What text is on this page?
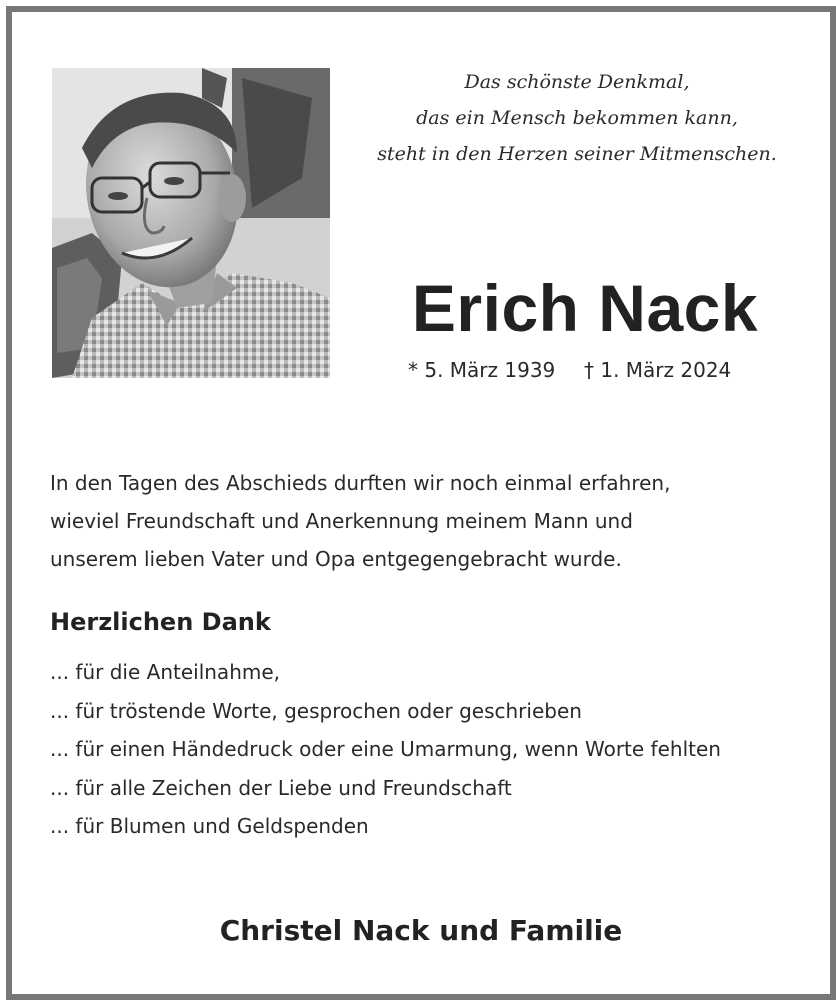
Das schönste Denkmal,
das ein Mensch bekommen kann,
steht in den Herzen seiner Mitmenschen.
Erich Nack
* 5. März 1939 † 1. März 2024
In den Tagen des Abschieds durften wir noch einmal erfahren,
wieviel Freundschaft und Anerkennung meinem Mann und
unserem lieben Vater und Opa entgegengebracht wurde.
Herzlichen Dank
... für die Anteilnahme,
... für tröstende Worte, gesprochen oder geschrieben
... für einen Händedruck oder eine Umarmung, wenn Worte fehlten
... für alle Zeichen der Liebe und Freundschaft
... für Blumen und Geldspenden
Christel Nack und Familie
